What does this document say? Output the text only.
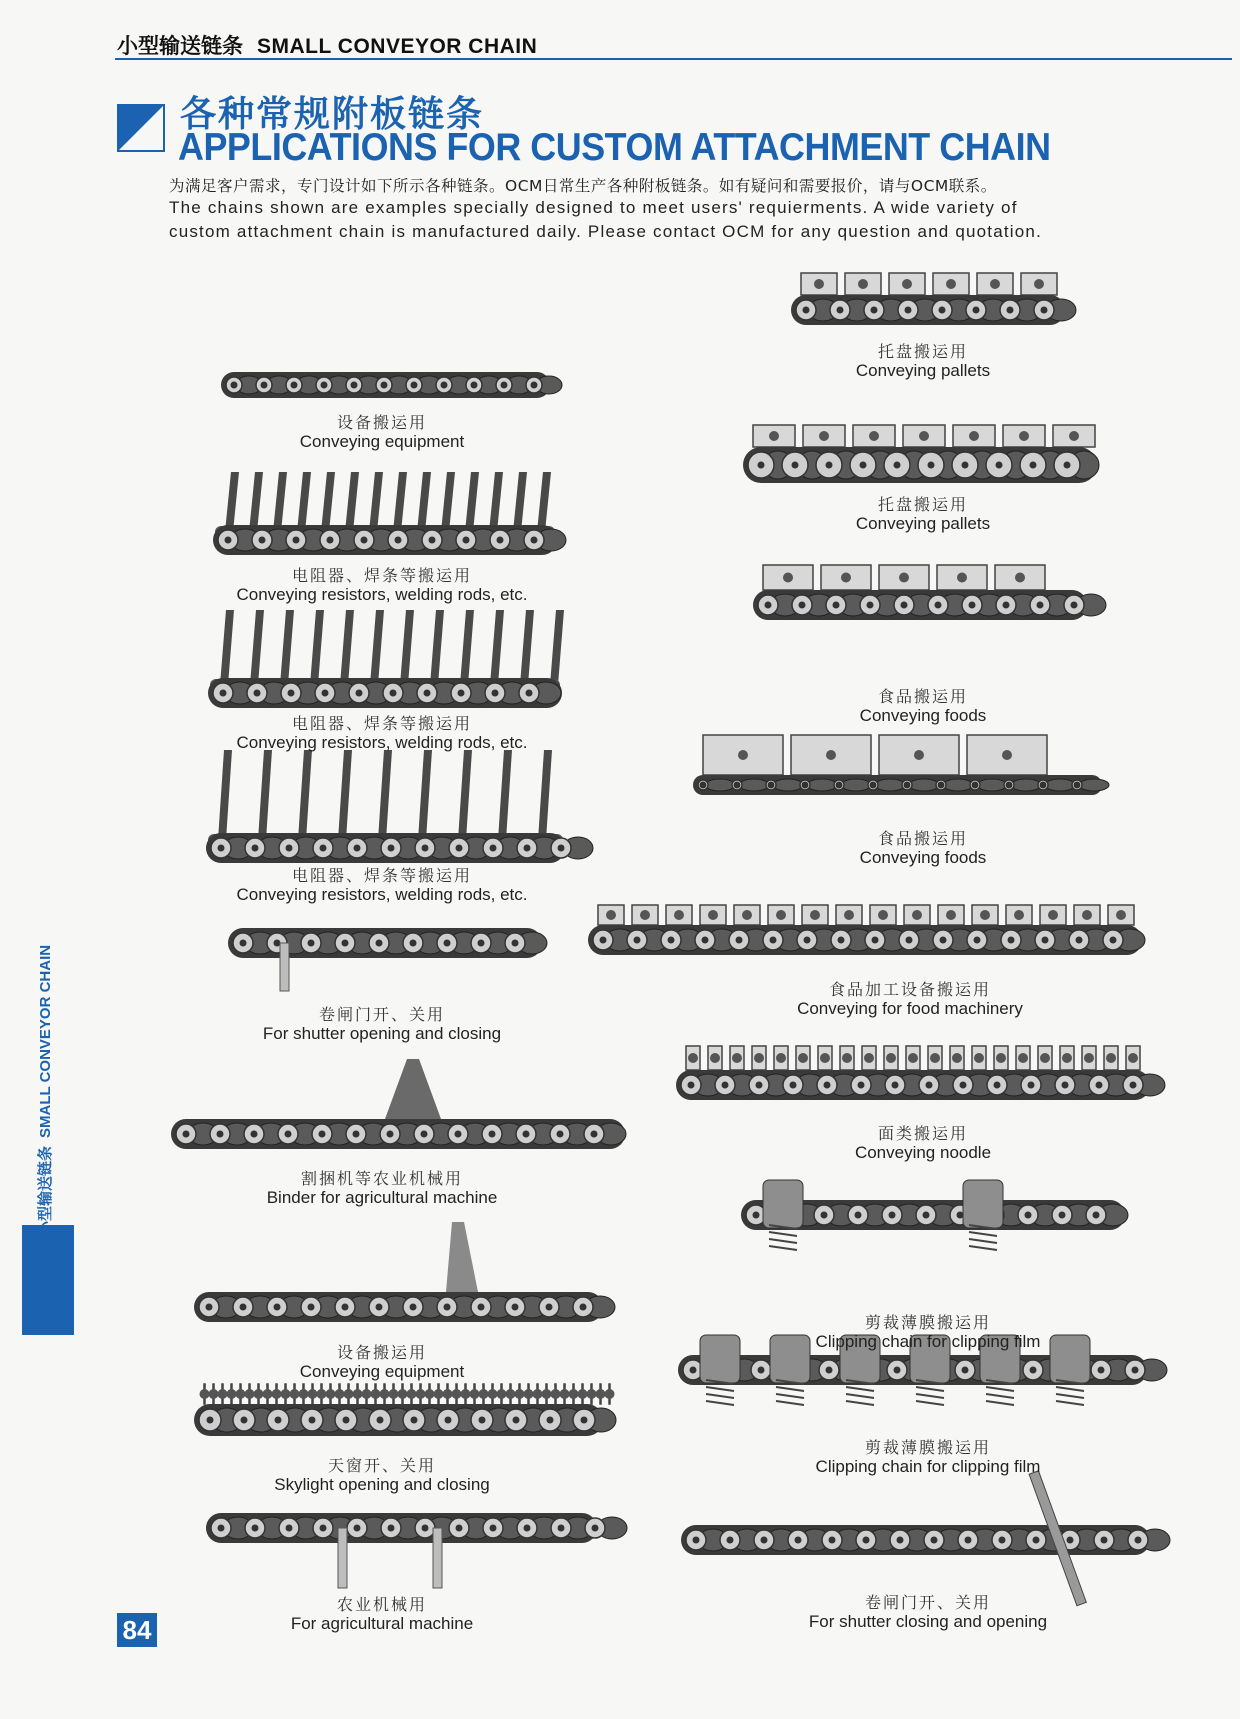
小型输送链条 SMALL CONVEYOR CHAIN
各种常规附板链条
APPLICATIONS FOR CUSTOM ATTACHMENT CHAIN
为满足客户需求，专门设计如下所示各种链条。OCM日常生产各种附板链条。如有疑问和需要报价，请与OCM联系。
The chains shown are examples specially designed to meet users' requierments. A wide variety of
custom attachment chain is manufactured daily. Please contact OCM for any question and quotation.
设备搬运用
Conveying equipment
电阻器、焊条等搬运用
Conveying resistors, welding rods, etc.
电阻器、焊条等搬运用
Conveying resistors, welding rods, etc.
电阻器、焊条等搬运用
Conveying resistors, welding rods, etc.
卷闸门开、关用
For shutter opening and closing
割捆机等农业机械用
Binder for agricultural machine
设备搬运用
Conveying equipment
天窗开、关用
Skylight opening and closing
农业机械用
For agricultural machine
托盘搬运用
Conveying pallets
托盘搬运用
Conveying pallets
食品搬运用
Conveying foods
食品搬运用
Conveying foods
食品加工设备搬运用
Conveying for food machinery
面类搬运用
Conveying noodle
剪裁薄膜搬运用
Clipping chain for clipping film
剪裁薄膜搬运用
Clipping chain for clipping film
卷闸门开、关用
For shutter closing and opening
小型输送链条SMALL CONVEYOR CHAIN
84
